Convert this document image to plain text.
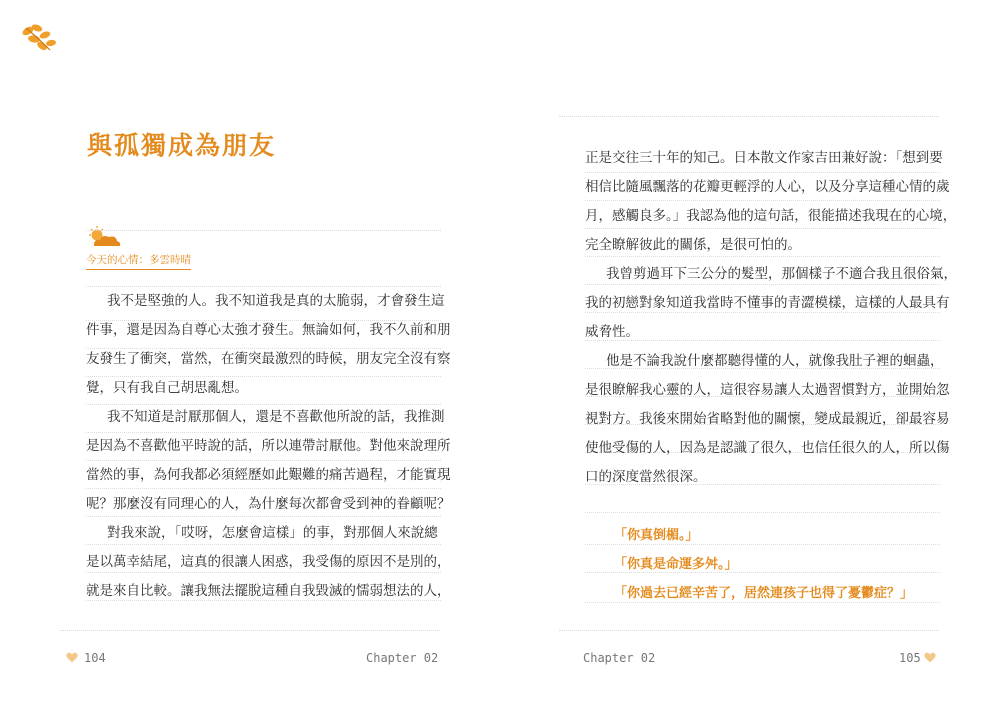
與孤獨成為朋友
今天的心情：多雲時晴
我不是堅強的人。我不知道我是真的太脆弱，才會發生這
件事，還是因為自尊心太強才發生。無論如何，我不久前和朋
友發生了衝突，當然，在衝突最激烈的時候，朋友完全沒有察
覺，只有我自己胡思亂想。
我不知道是討厭那個人，還是不喜歡他所說的話，我推測
是因為不喜歡他平時說的話，所以連帶討厭他。對他來說理所
當然的事，為何我都必須經歷如此艱難的痛苦過程，才能實現
呢？那麼沒有同理心的人，為什麼每次都會受到神的眷顧呢？
對我來說，「哎呀，怎麼會這樣」的事，對那個人來說總
是以萬幸結尾，這真的很讓人困惑，我受傷的原因不是別的，
就是來自比較。讓我無法擺脫這種自我毀滅的懦弱想法的人，
104	Chapter 02
正是交往三十年的知己。日本散文作家吉田兼好說：「想到要
相信比隨風飄落的花瓣更輕浮的人心，以及分享這種心情的歲
月，感觸良多。」我認為他的這句話，很能描述我現在的心境，
完全瞭解彼此的關係，是很可怕的。
我曾剪過耳下三公分的髮型，那個樣子不適合我且很俗氣，
我的初戀對象知道我當時不懂事的青澀模樣，這樣的人最具有
威脅性。
他是不論我說什麼都聽得懂的人，就像我肚子裡的蛔蟲，
是很瞭解我心靈的人，這很容易讓人太過習慣對方，並開始忽
視對方。我後來開始省略對他的關懷，變成最親近，卻最容易
使他受傷的人，因為是認識了很久，也信任很久的人，所以傷
口的深度當然很深。
「你真倒楣。」
「你真是命運多舛。」
「你過去已經辛苦了，居然連孩子也得了憂鬱症？」
Chapter 02	105
